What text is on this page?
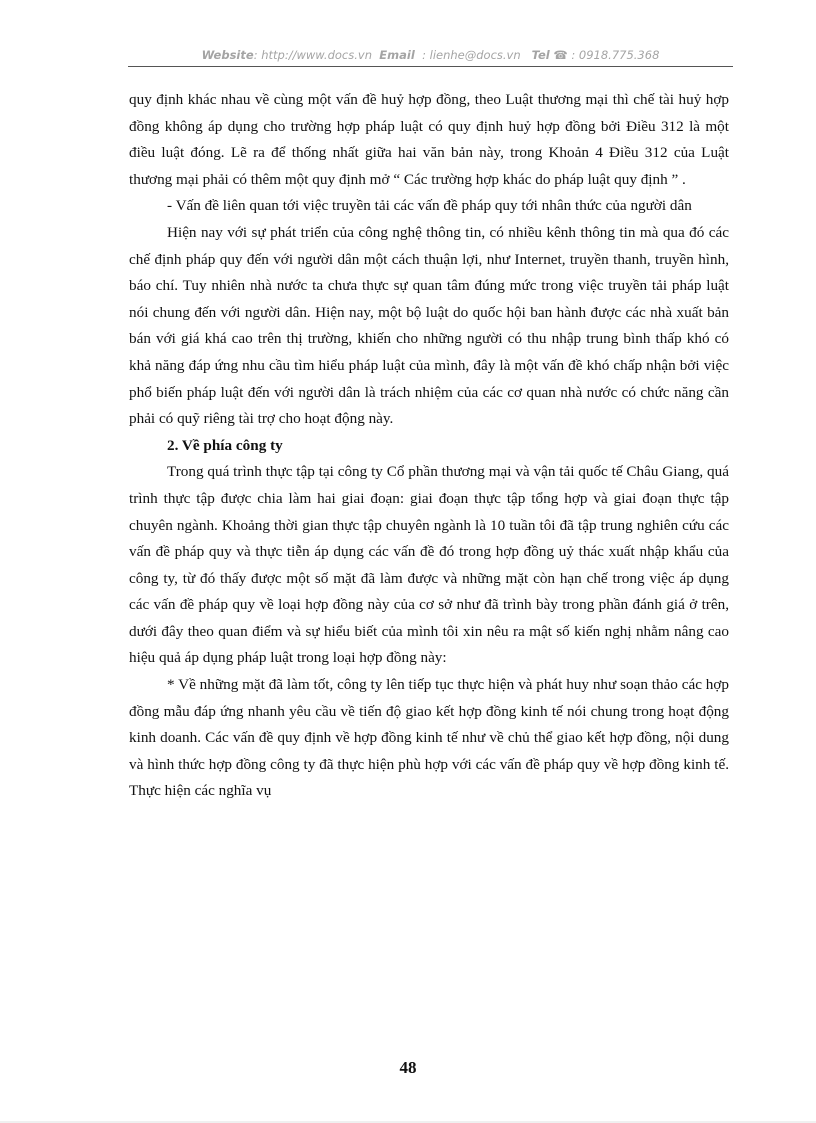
Website: http://www.docs.vn Email : lienhe@docs.vn Tel ☎ : 0918.775.368

quy định khác nhau về cùng một vấn đề huỷ hợp đồng, theo Luật thương mại thì chế tài huỷ hợp đồng không áp dụng cho trường hợp pháp luật có quy định huỷ hợp đồng bởi Điều 312 là một điều luật đóng. Lẽ ra để thống nhất giữa hai văn bản này, trong Khoản 4 Điều 312 của Luật thương mại phải có thêm một quy định mở “ Các trường hợp khác do pháp luật quy định ” .

- Vấn đề liên quan tới việc truyền tải các vấn đề pháp quy tới nhân thức của người dân

Hiện nay với sự phát triển của công nghệ thông tin, có nhiều kênh thông tin mà qua đó các chế định pháp quy đến với người dân một cách thuận lợi, như Internet, truyền thanh, truyền hình, báo chí. Tuy nhiên nhà nước ta chưa thực sự quan tâm đúng mức trong việc truyền tải pháp luật nói chung đến với người dân. Hiện nay, một bộ luật do quốc hội ban hành được các nhà xuất bản bán với giá khá cao trên thị trường, khiến cho những người có thu nhập trung bình thấp khó có khả năng đáp ứng nhu cầu tìm hiểu pháp luật của mình, đây là một vấn đề khó chấp nhận bởi việc phổ biến pháp luật đến với người dân là trách nhiệm của các cơ quan nhà nước có chức năng cần phải có quỹ riêng tài trợ cho hoạt động này.

2. Về phía công ty

Trong quá trình thực tập tại công ty Cổ phần thương mại và vận tải quốc tế Châu Giang, quá trình thực tập được chia làm hai giai đoạn: giai đoạn thực tập tổng hợp và giai đoạn thực tập chuyên ngành. Khoảng thời gian thực tập chuyên ngành là 10 tuần tôi đã tập trung nghiên cứu các vấn đề pháp quy và thực tiễn áp dụng các vấn đề đó trong hợp đồng uỷ thác xuất nhập khẩu của công ty, từ đó thấy được một số mặt đã làm được và những mặt còn hạn chế trong việc áp dụng các vấn đề pháp quy về loại hợp đồng này của cơ sở như đã trình bày trong phần đánh giá ở trên, dưới đây theo quan điểm và sự hiểu biết của mình tôi xin nêu ra mật số kiến nghị nhằm nâng cao hiệu quả áp dụng pháp luật trong loại hợp đồng này:

* Về những mặt đã làm tốt, công ty lên tiếp tục thực hiện và phát huy như soạn thảo các hợp đồng mẫu đáp ứng nhanh yêu cầu về tiến độ giao kết hợp đồng kinh tế nói chung trong hoạt động kinh doanh. Các vấn đề quy định về hợp đồng kinh tế như về chủ thể giao kết hợp đồng, nội dung và hình thức hợp đồng công ty đã thực hiện phù hợp với các vấn đề pháp quy về hợp đồng kinh tế. Thực hiện các nghĩa vụ

48
